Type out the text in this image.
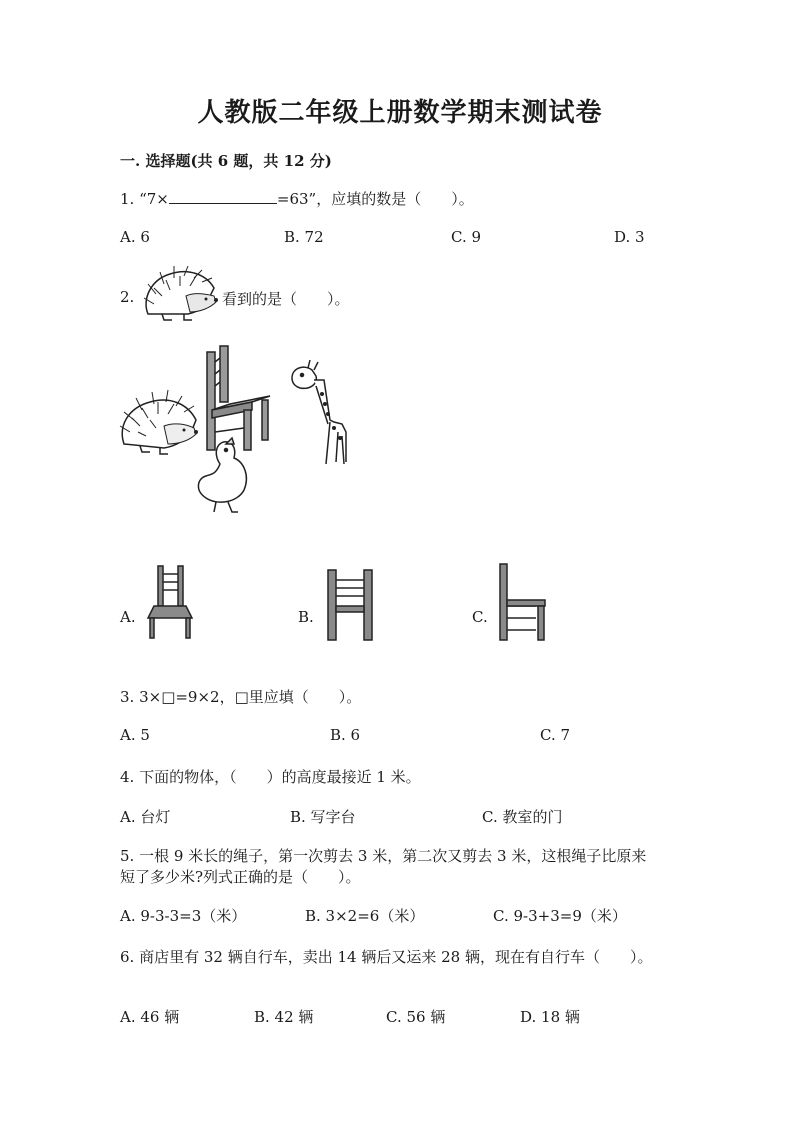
人教版二年级上册数学期末测试卷
一. 选择题(共 6 题，共 12 分)
1. “7×	=63”，应填的数是（　　）。
A. 6	B. 72	C. 9	D. 3
2.	看到的是（　　）。
A.	B.	C.
3. 3×□=9×2，□里应填（　　）。
A. 5	B. 6	C. 7
4. 下面的物体，（　　）的高度最接近 1 米。
A. 台灯	B. 写字台	C. 教室的门
5. 一根 9 米长的绳子，第一次剪去 3 米，第二次又剪去 3 米，这根绳子比原来
短了多少米?列式正确的是（　　）。
A. 9-3-3=3（米）	B. 3×2=6（米）	C. 9-3+3=9（米）
6. 商店里有 32 辆自行车，卖出 14 辆后又运来 28 辆，现在有自行车（　　）。
A. 46 辆	B. 42 辆	C. 56 辆	D. 18 辆
